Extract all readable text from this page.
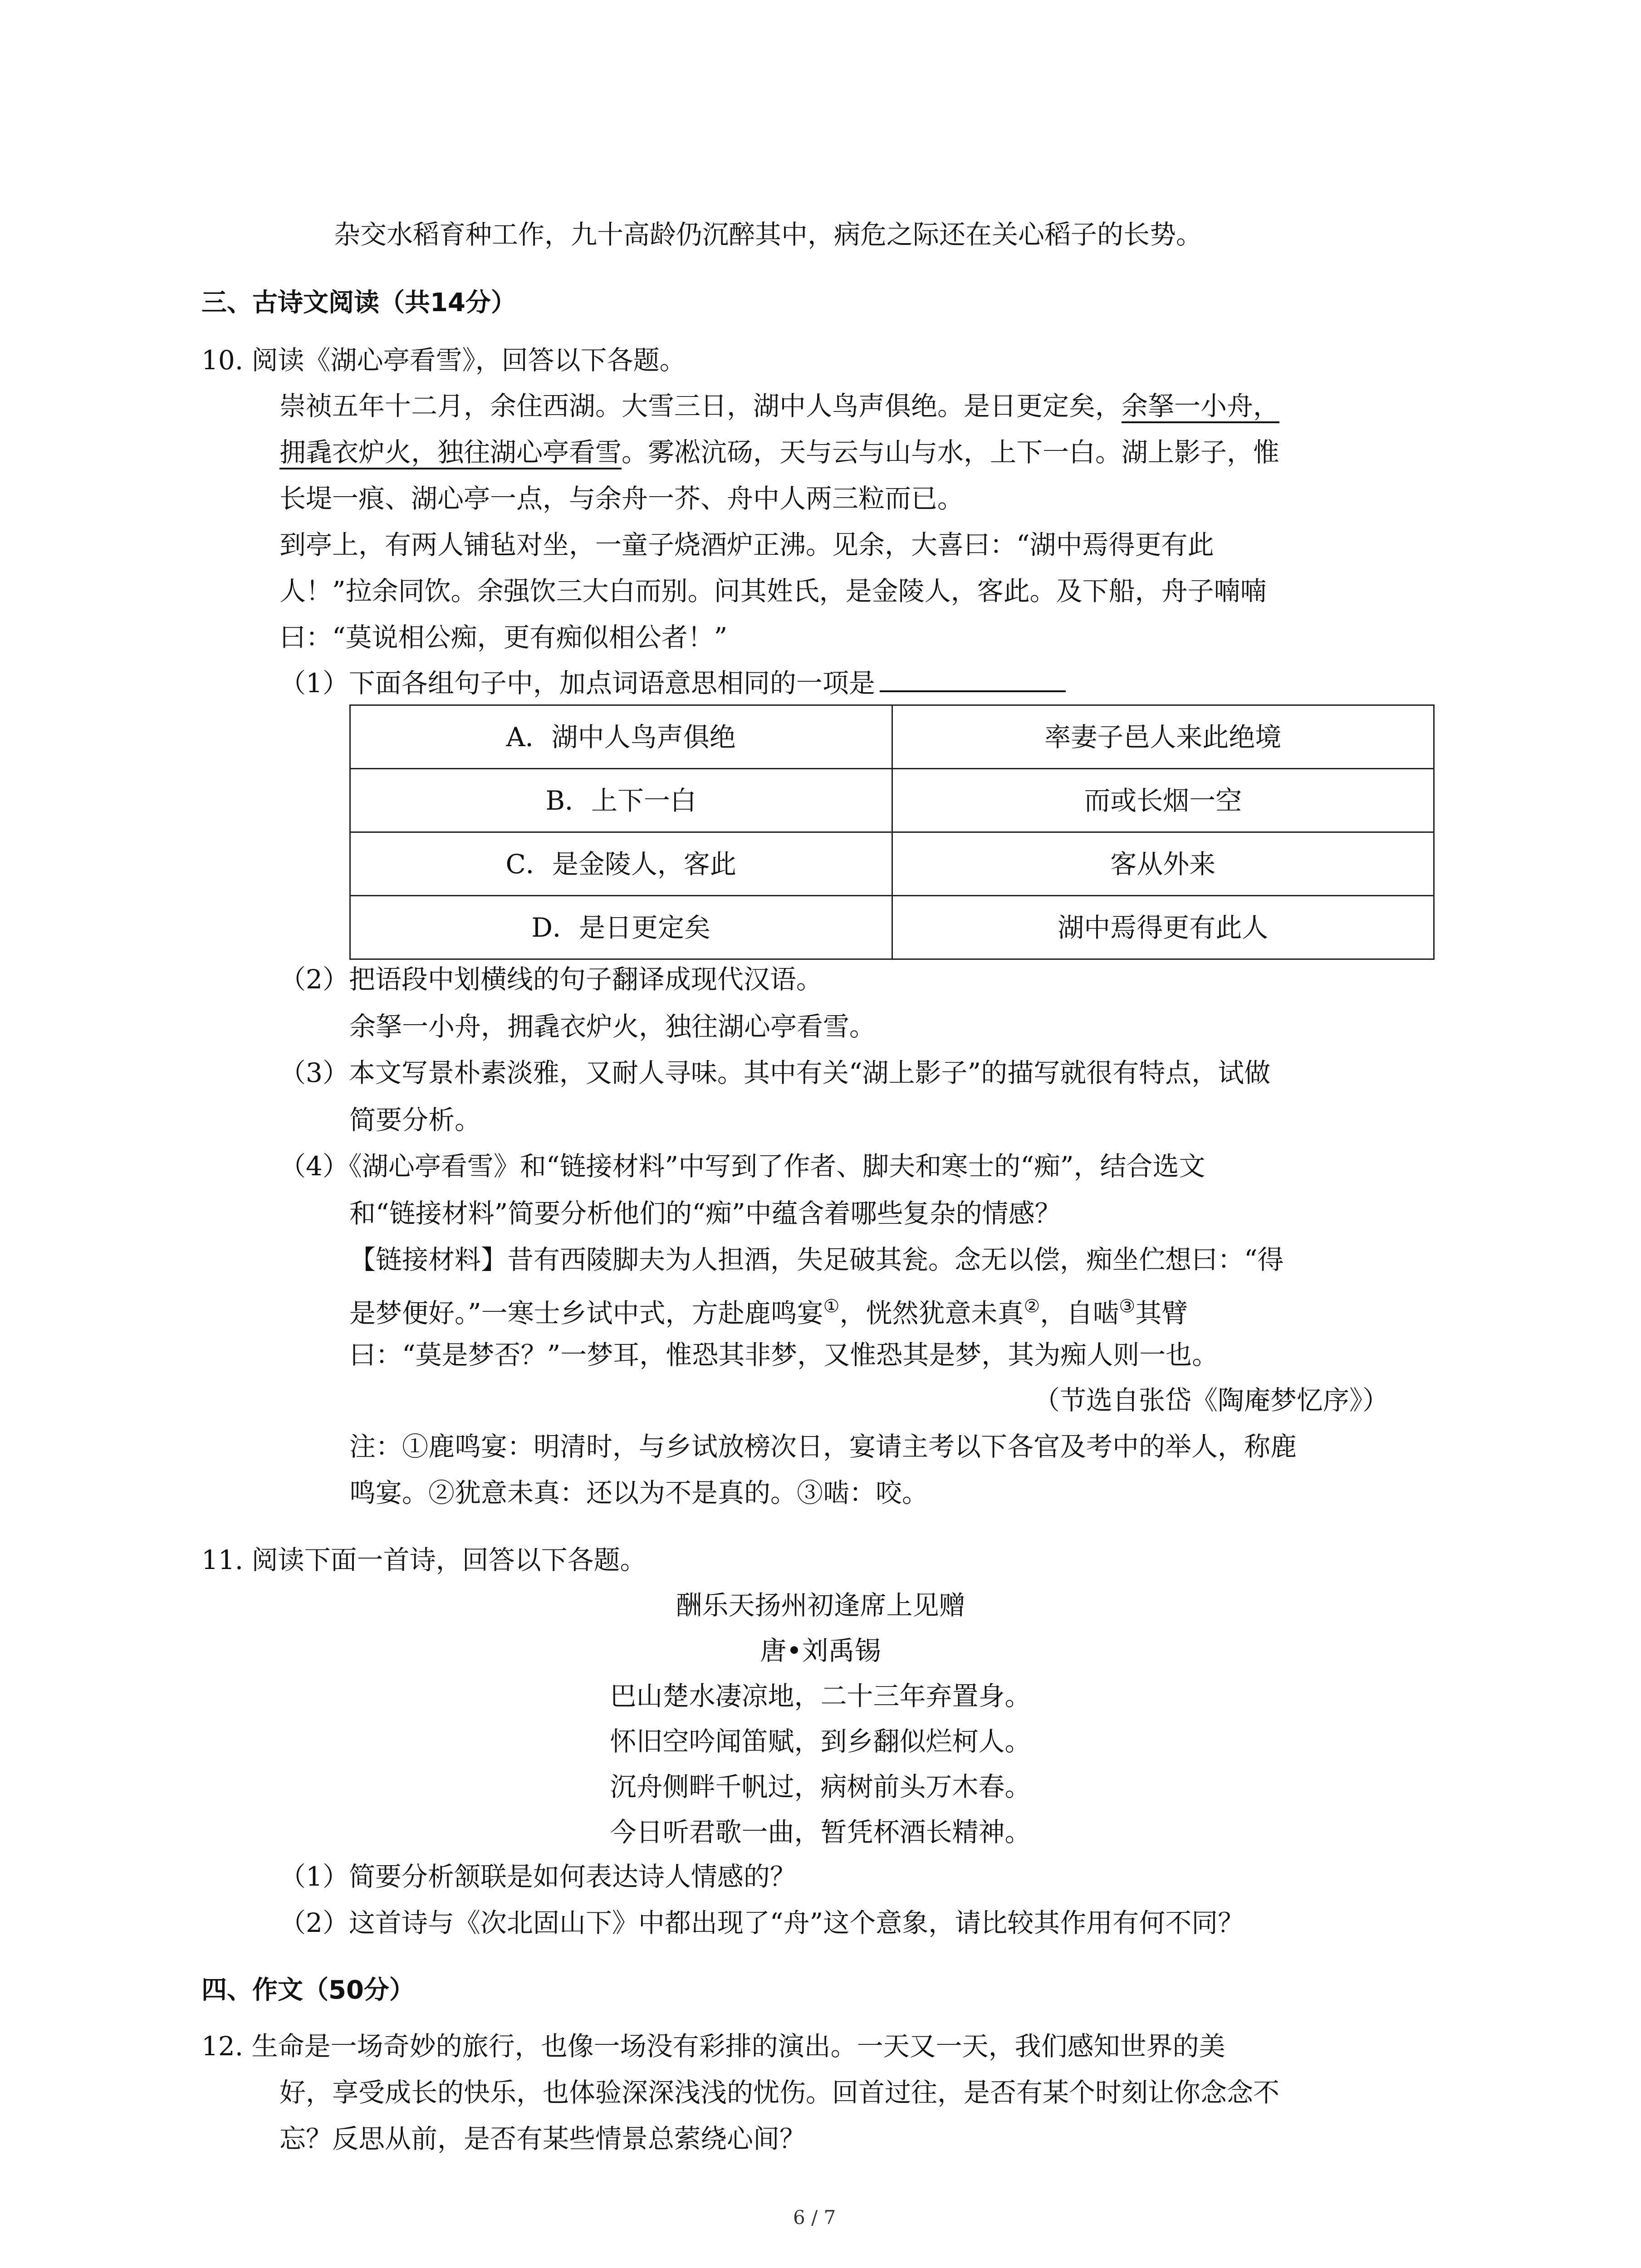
杂交水稻育种工作，九十高龄仍沉醉其中，病危之际还在关心稻子的长势。
三、古诗文阅读（共14分）
10. 阅读《湖心亭看雪》，回答以下各题。
崇祯五年十二月，余住西湖。大雪三日，湖中人鸟声俱绝。是日更定矣，余拏一小舟，
拥毳衣炉火，独往湖心亭看雪。雾凇沆砀，天与云与山与水，上下一白。湖上影子，惟
长堤一痕、湖心亭一点，与余舟一芥、舟中人两三粒而已。
到亭上，有两人铺毡对坐，一童子烧酒炉正沸。见余，大喜曰：“湖中焉得更有此
人！”拉余同饮。余强饮三大白而别。问其姓氏，是金陵人，客此。及下船，舟子喃喃
曰：“莫说相公痴，更有痴似相公者！”
（1）下面各组句子中，加点词语意思相同的一项是
A．湖中人鸟声俱绝	率妻子邑人来此绝境
B．上下一白	而或长烟一空
C．是金陵人，客此	客从外来
D．是日更定矣	湖中焉得更有此人
（2）把语段中划横线的句子翻译成现代汉语。
余拏一小舟，拥毳衣炉火，独往湖心亭看雪。
（3）本文写景朴素淡雅，又耐人寻味。其中有关“湖上影子”的描写就很有特点，试做
简要分析。
（4）《湖心亭看雪》和“链接材料”中写到了作者、脚夫和寒士的“痴”，结合选文
和“链接材料”简要分析他们的“痴”中蕴含着哪些复杂的情感？
【链接材料】昔有西陵脚夫为人担酒，失足破其瓮。念无以偿，痴坐伫想曰：“得
是梦便好。”一寒士乡试中式，方赴鹿鸣宴①，恍然犹意未真②，自啮③其臂
曰：“莫是梦否？”一梦耳，惟恐其非梦，又惟恐其是梦，其为痴人则一也。
（节选自张岱《陶庵梦忆序》）
注：①鹿鸣宴：明清时，与乡试放榜次日，宴请主考以下各官及考中的举人，称鹿
鸣宴。②犹意未真：还以为不是真的。③啮：咬。
11. 阅读下面一首诗，回答以下各题。
酬乐天扬州初逢席上见赠
唐•刘禹锡
巴山楚水凄凉地，二十三年弃置身。
怀旧空吟闻笛赋，到乡翻似烂柯人。
沉舟侧畔千帆过，病树前头万木春。
今日听君歌一曲，暂凭杯酒长精神。
（1）简要分析颔联是如何表达诗人情感的？
（2）这首诗与《次北固山下》中都出现了“舟”这个意象，请比较其作用有何不同？
四、作文（50分）
12. 生命是一场奇妙的旅行，也像一场没有彩排的演出。一天又一天，我们感知世界的美
好，享受成长的快乐，也体验深深浅浅的忧伤。回首过往，是否有某个时刻让你念念不
忘？反思从前，是否有某些情景总萦绕心间？
6 / 7
